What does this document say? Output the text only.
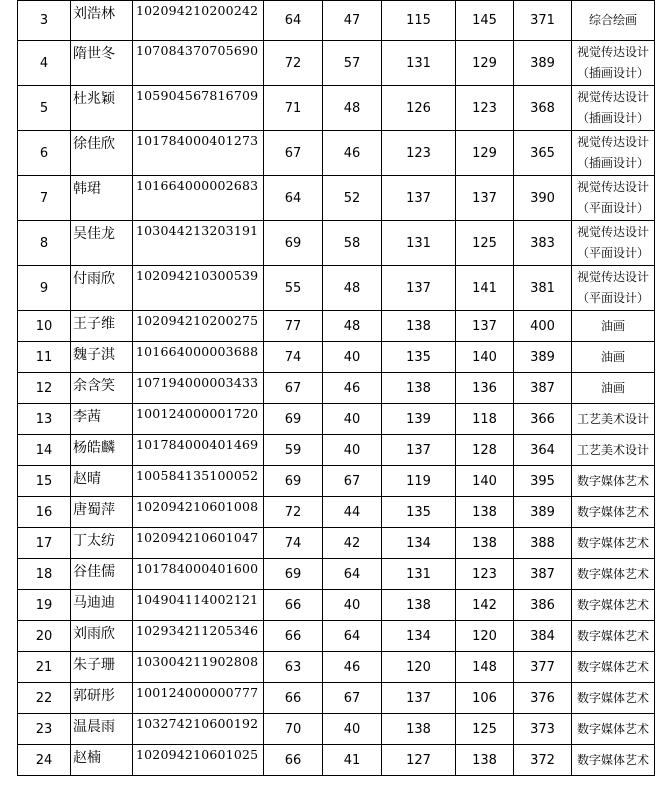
3	刘浩林	102094210200242	64	47	115	145	371	综合绘画

4	隋世冬	107084370705690	72	57	131	129	389	视觉传达设计
（插画设计）

5	杜兆颖	105904567816709	71	48	126	123	368	视觉传达设计
（插画设计）

6	徐佳欣	101784000401273	67	46	123	129	365	视觉传达设计
（插画设计）

7	韩珺	101664000002683	64	52	137	137	390	视觉传达设计
（平面设计）

8	吴佳龙	103044213203191	69	58	131	125	383	视觉传达设计
（平面设计）

9	付雨欣	102094210300539	55	48	137	141	381	视觉传达设计
（平面设计）

10	王子维	102094210200275	77	48	138	137	400	油画

11	魏子淇	101664000003688	74	40	135	140	389	油画

12	余含笑	107194000003433	67	46	138	136	387	油画

13	李茜	100124000001720	69	40	139	118	366	工艺美术设计

14	杨皓麟	101784000401469	59	40	137	128	364	工艺美术设计

15	赵晴	100584135100052	69	67	119	140	395	数字媒体艺术

16	唐蜀萍	102094210601008	72	44	135	138	389	数字媒体艺术

17	丁太纺	102094210601047	74	42	134	138	388	数字媒体艺术

18	谷佳儒	101784000401600	69	64	131	123	387	数字媒体艺术

19	马迪迪	104904114002121	66	40	138	142	386	数字媒体艺术

20	刘雨欣	102934211205346	66	64	134	120	384	数字媒体艺术

21	朱子珊	103004211902808	63	46	120	148	377	数字媒体艺术

22	郭研彤	100124000000777	66	67	137	106	376	数字媒体艺术

23	温晨雨	103274210600192	70	40	138	125	373	数字媒体艺术

24	赵楠	102094210601025	66	41	127	138	372	数字媒体艺术
